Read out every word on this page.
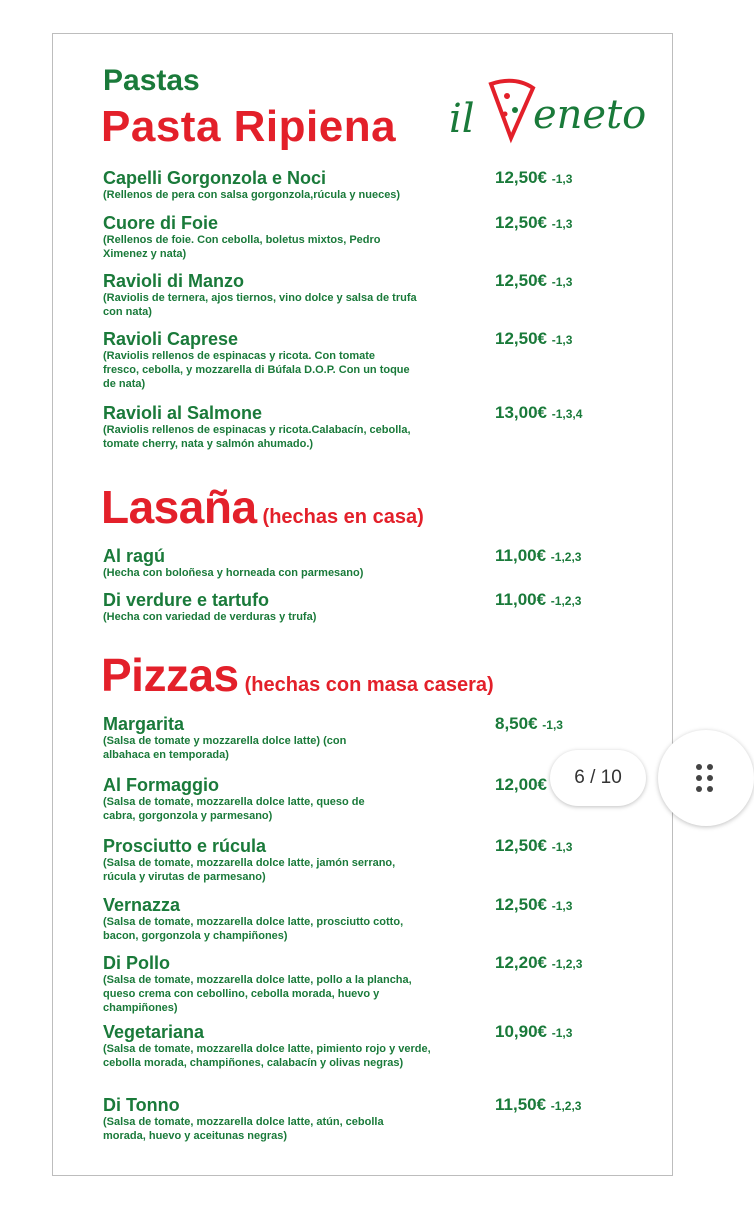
Pastas
Pasta Ripiena il eneto
Capelli Gorgonzola e Noci
(Rellenos de pera con salsa gorgonzola,rúcula y nueces)
12,50€ -1,3
Cuore di Foie
(Rellenos de foie. Con cebolla, boletus mixtos, Pedro Ximenez y nata)
12,50€ -1,3
Ravioli di Manzo
(Raviolis de ternera, ajos tiernos, vino dolce y salsa de trufa con nata)
12,50€ -1,3
Ravioli Caprese
(Raviolis rellenos de espinacas y ricota. Con tomate fresco, cebolla, y mozzarella di Búfala D.O.P. Con un toque de nata)
12,50€ -1,3
Ravioli al Salmone
(Raviolis rellenos de espinacas y ricota.Calabacín, cebolla, tomate cherry, nata y salmón ahumado.)
13,00€ -1,3,4
Lasaña (hechas en casa)
Al ragú
(Hecha con boloñesa y horneada con parmesano)
11,00€ -1,2,3
Di verdure e tartufo
(Hecha con variedad de verduras y trufa)
11,00€ -1,2,3
Pizzas (hechas con masa casera)
Margarita
(Salsa de tomate y mozzarella dolce latte) (con albahaca en temporada)
8,50€ -1,3
Al Formaggio
(Salsa de tomate, mozzarella dolce latte, queso de cabra, gorgonzola y parmesano)
12,00€
Prosciutto e rúcula
(Salsa de tomate, mozzarella dolce latte, jamón serrano, rúcula y virutas de parmesano)
12,50€ -1,3
Vernazza
(Salsa de tomate, mozzarella dolce latte, prosciutto cotto, bacon, gorgonzola y champiñones)
12,50€ -1,3
Di Pollo
(Salsa de tomate, mozzarella dolce latte, pollo a la plancha, queso crema con cebollino, cebolla morada, huevo y champiñones)
12,20€ -1,2,3
Vegetariana
(Salsa de tomate, mozzarella dolce latte, pimiento rojo y verde, cebolla morada, champiñones, calabacín y olivas negras)
10,90€ -1,3
Di Tonno
(Salsa de tomate, mozzarella dolce latte, atún, cebolla morada, huevo y aceitunas negras)
11,50€ -1,2,3
6 / 10
